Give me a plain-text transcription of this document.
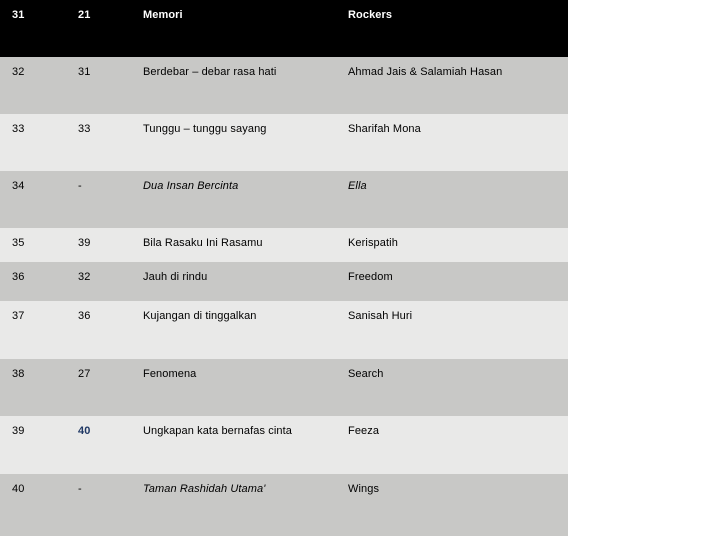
31	21	Memori	Rockers
32	31	Berdebar – debar rasa hati	Ahmad Jais & Salamiah Hasan
33	33	Tunggu – tunggu sayang	Sharifah Mona
34	-	Dua Insan Bercinta	Ella
35	39	Bila Rasaku Ini Rasamu	Kerispatih
36	32	Jauh di rindu	Freedom
37	36	Kujangan di tinggalkan	Sanisah Huri
38	27	Fenomena	Search
39	40	Ungkapan kata bernafas cinta	Feeza
40	-	Taman Rashidah Utama'	Wings
